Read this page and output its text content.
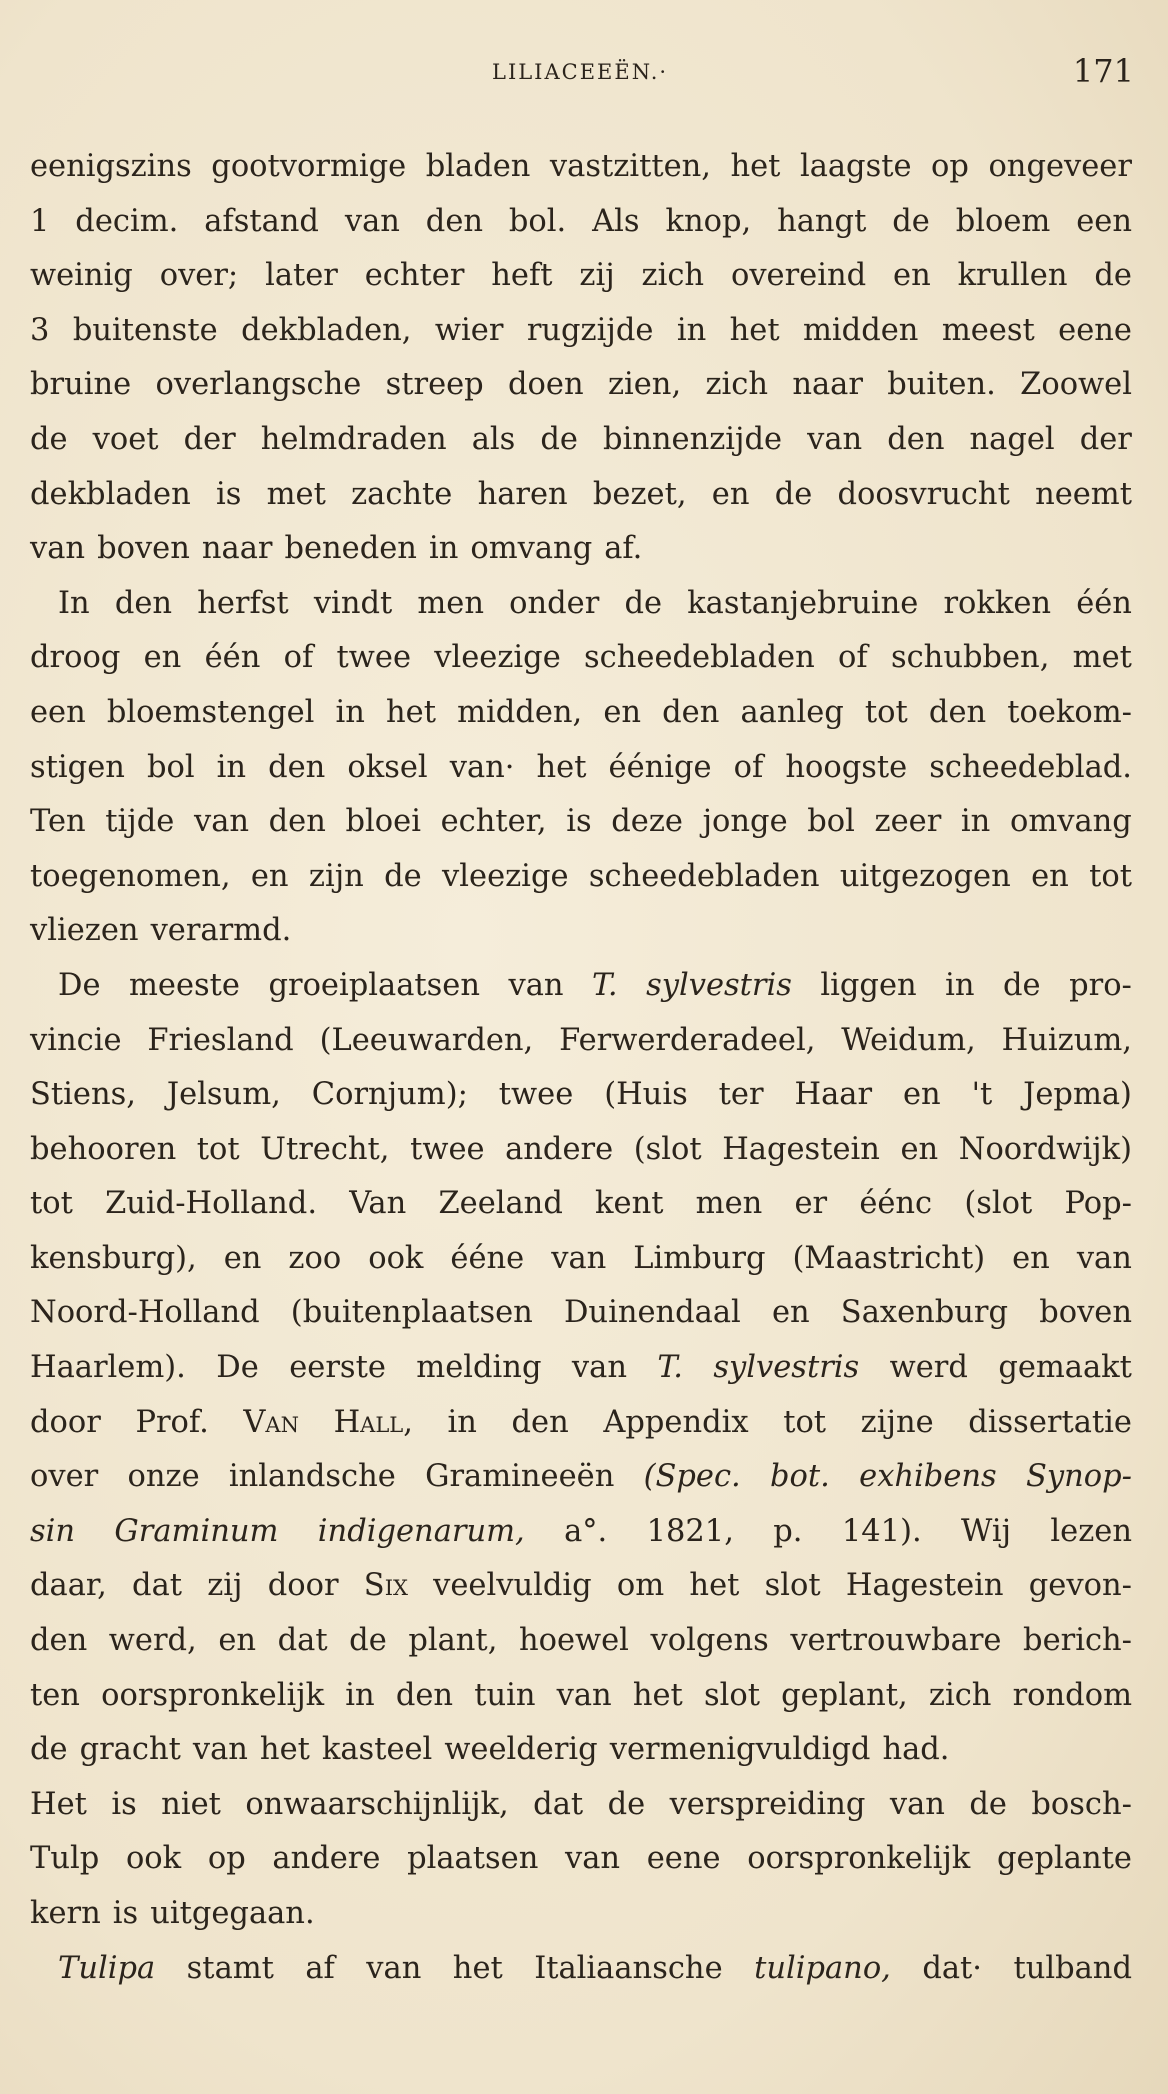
LILIACEEËN.·	171
eenigszins gootvormige bladen vastzitten, het laagste op ongeveer
1 decim. afstand van den bol. Als knop, hangt de bloem een
weinig over; later echter heft zij zich overeind en krullen de
3 buitenste dekbladen, wier rugzijde in het midden meest eene
bruine overlangsche streep doen zien, zich naar buiten. Zoowel
de voet der helmdraden als de binnenzijde van den nagel der
dekbladen is met zachte haren bezet, en de doosvrucht neemt
van boven naar beneden in omvang af.
In den herfst vindt men onder de kastanjebruine rokken één
droog en één of twee vleezige scheedebladen of schubben, met
een bloemstengel in het midden, en den aanleg tot den toekom-
stigen bol in den oksel van· het éénige of hoogste scheedeblad.
Ten tijde van den bloei echter, is deze jonge bol zeer in omvang
toegenomen, en zijn de vleezige scheedebladen uitgezogen en tot
vliezen verarmd.
De meeste groeiplaatsen van T. sylvestris liggen in de pro-
vincie Friesland (Leeuwarden, Ferwerderadeel, Weidum, Huizum,
Stiens, Jelsum, Cornjum); twee (Huis ter Haar en 't Jepma)
behooren tot Utrecht, twee andere (slot Hagestein en Noordwijk)
tot Zuid-Holland. Van Zeeland kent men er éénc (slot Pop-
kensburg), en zoo ook ééne van Limburg (Maastricht) en van
Noord-Holland (buitenplaatsen Duinendaal en Saxenburg boven
Haarlem). De eerste melding van T. sylvestris werd gemaakt
door Prof. Van Hall, in den Appendix tot zijne dissertatie
over onze inlandsche Gramineeën (Spec. bot. exhibens Synop-
sin Graminum indigenarum, a°. 1821, p. 141). Wij lezen
daar, dat zij door Six veelvuldig om het slot Hagestein gevon-
den werd, en dat de plant, hoewel volgens vertrouwbare berich-
ten oorspronkelijk in den tuin van het slot geplant, zich rondom
de gracht van het kasteel weelderig vermenigvuldigd had.
Het is niet onwaarschijnlijk, dat de verspreiding van de bosch-
Tulp ook op andere plaatsen van eene oorspronkelijk geplante
kern is uitgegaan.
Tulipa stamt af van het Italiaansche tulipano, dat· tulband
